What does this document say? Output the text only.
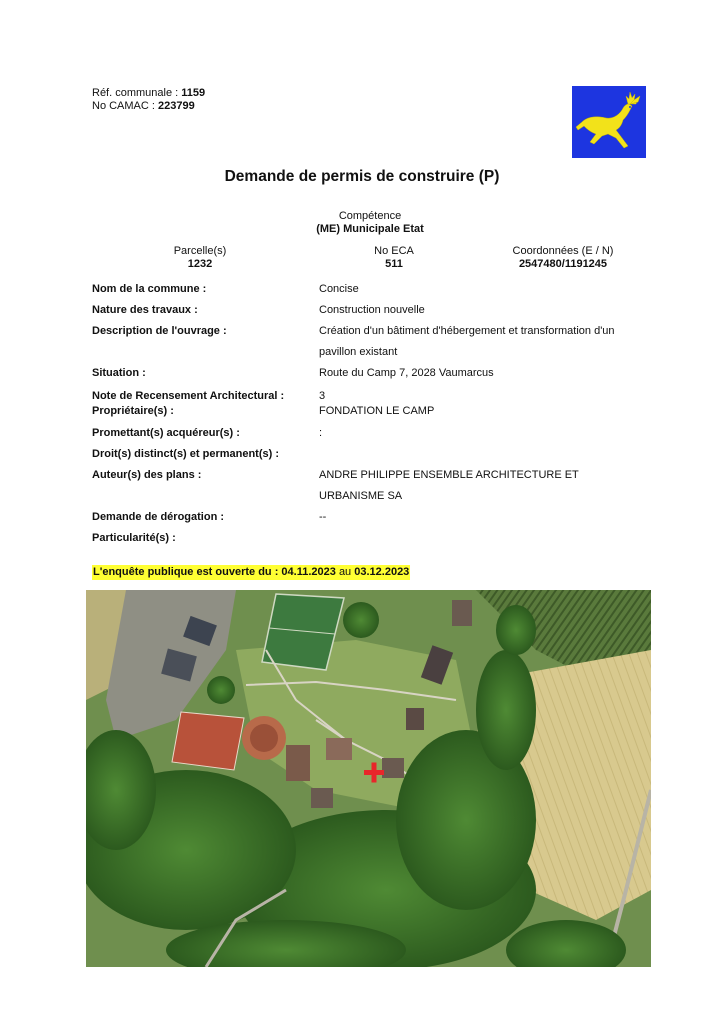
Réf. communale : 1159
No CAMAC : 223799
Demande de permis de construire (P)
Compétence
(ME) Municipale Etat
Parcelle(s)
1232
No ECA
511
Coordonnées (E / N)
2547480/1191245
Nom de la commune :	Concise
Nature des travaux :	Construction nouvelle
Description de l'ouvrage :	Création d'un bâtiment d'hébergement et transformation d'un
pavillon existant
Situation :	Route du Camp 7, 2028 Vaumarcus
Note de Recensement Architectural :	3
Propriétaire(s) :	FONDATION LE CAMP
Promettant(s) acquéreur(s) :	:
Droit(s) distinct(s) et permanent(s) :
Auteur(s) des plans :	ANDRE PHILIPPE ENSEMBLE ARCHITECTURE ET
URBANISME SA
Demande de dérogation :	--
Particularité(s) :
L'enquête publique est ouverte du : 04.11.2023 au 03.12.2023
